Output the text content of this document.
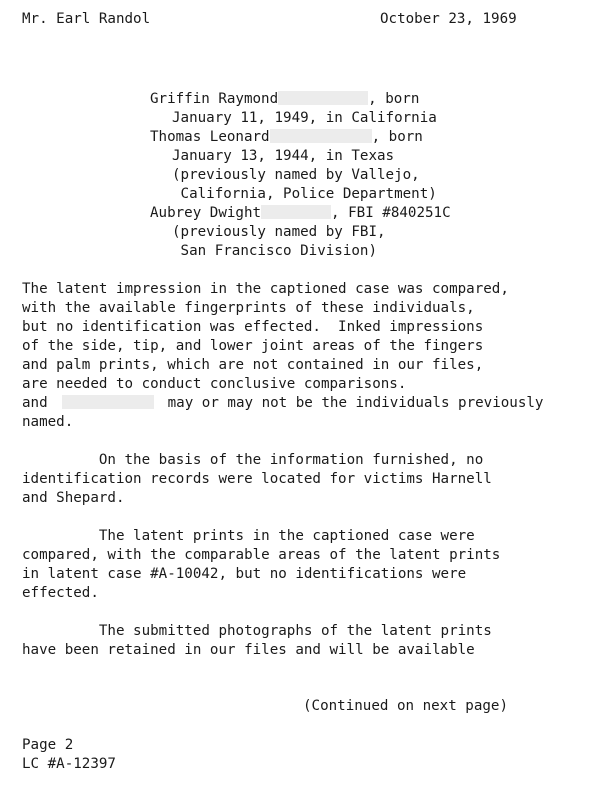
Mr. Earl Randol	October 23, 1969
Griffin Raymond	, born
January 11, 1949, in California
Thomas Leonard	, born
January 13, 1944, in Texas
(previously named by Vallejo,
California, Police Department)
Aubrey Dwight	, FBI #840251C
(previously named by FBI,
San Francisco Division)
The latent impression in the captioned case was compared,
with the available fingerprints of these individuals,
but no identification was effected.  Inked impressions
of the side, tip, and lower joint areas of the fingers
and palm prints, which are not contained in our files,
are needed to conduct conclusive comparisons.
and	may or may not be the individuals previously
named.
On the basis of the information furnished, no
identification records were located for victims Harnell
and Shepard.
The latent prints in the captioned case were
compared, with the comparable areas of the latent prints
in latent case #A-10042, but no identifications were
effected.
The submitted photographs of the latent prints
have been retained in our files and will be available
(Continued on next page)
Page 2
LC #A-12397
